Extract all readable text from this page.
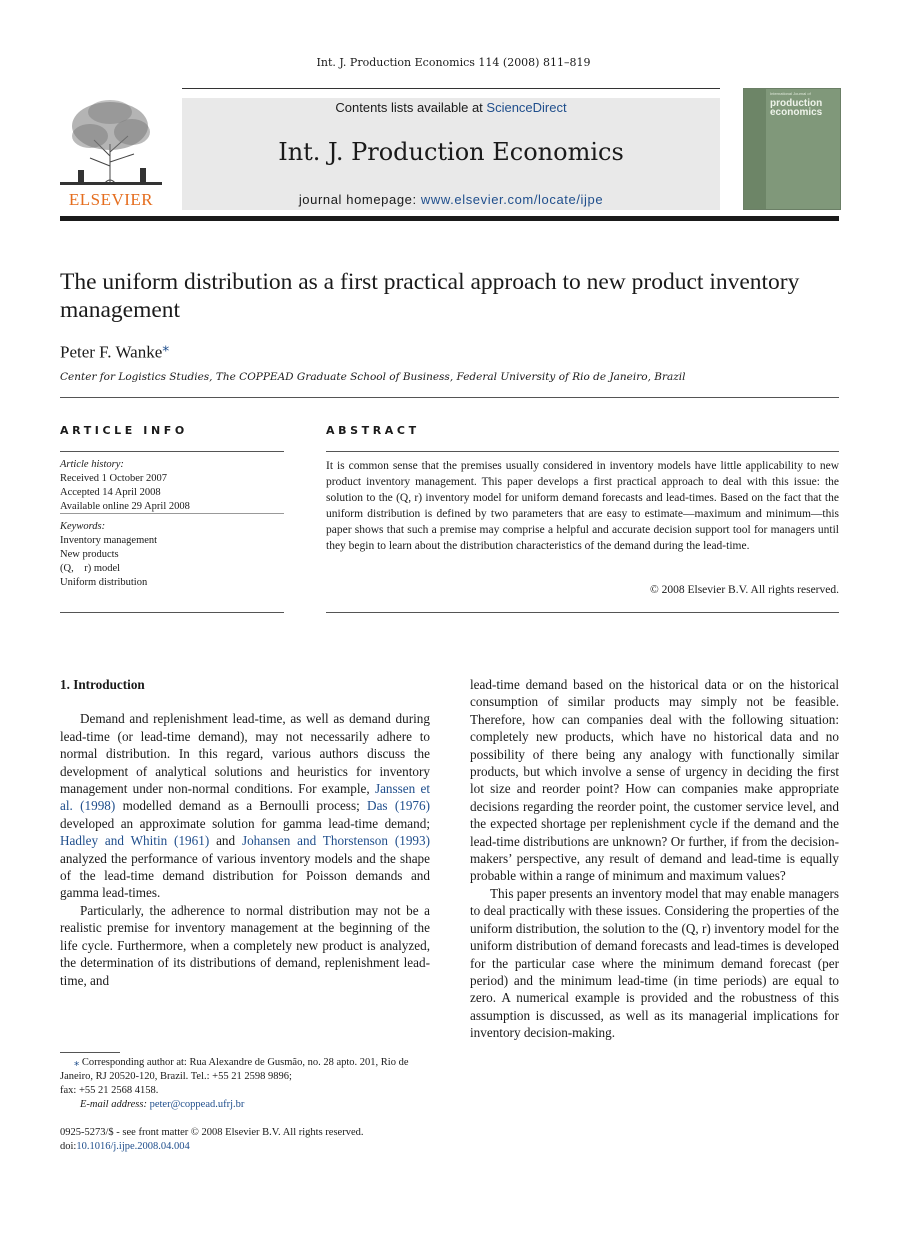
Int. J. Production Economics 114 (2008) 811–819
ELSEVIER
Contents lists available at ScienceDirect
Int. J. Production Economics
journal homepage: www.elsevier.com/locate/ijpe
International Journal of
production economics
The uniform distribution as a first practical approach to new product inventory management
Peter F. Wanke⁎
Center for Logistics Studies, The COPPEAD Graduate School of Business, Federal University of Rio de Janeiro, Brazil
ARTICLE INFO	ABSTRACT
Article history:
Received 1 October 2007
Accepted 14 April 2008
Available online 29 April 2008
Keywords:
Inventory management
New products
(Q,    r) model
Uniform distribution
It is common sense that the premises usually considered in inventory models have little applicability to new product inventory management. This paper develops a first practical approach to deal with this issue: the solution to the (Q, r) inventory model for uniform demand forecasts and lead-times. Based on the fact that the uniform distribution is defined by two parameters that are easy to estimate—maximum and minimum—this paper shows that such a premise may comprise a helpful and accurate decision support tool for managers until they begin to learn about the distribution characteristics of the demand during the lead-time.
© 2008 Elsevier B.V. All rights reserved.
1. Introduction

Demand and replenishment lead-time, as well as demand during lead-time (or lead-time demand), may not necessarily adhere to normal distribution. In this regard, various authors discuss the development of analytical solutions and heuristics for inventory management under non-normal conditions. For example, Janssen et al. (1998) modelled demand as a Bernoulli process; Das (1976) developed an approximate solution for gamma lead-time demand; Hadley and Whitin (1961) and Johansen and Thorstenson (1993) analyzed the performance of various inventory models and the shape of the lead-time demand distribution for Poisson demands and gamma lead-times.

Particularly, the adherence to normal distribution may not be a realistic premise for inventory management at the beginning of the life cycle. Furthermore, when a completely new product is analyzed, the determination of its distributions of demand, replenishment lead-time, and

lead-time demand based on the historical data or on the historical consumption of similar products may simply not be feasible. Therefore, how can companies deal with the following situation: completely new products, which have no historical data and no possibility of there being any analogy with functionally similar products, but which involve a sense of urgency in deciding the first lot size and reorder point? How can companies make appropriate decisions regarding the reorder point, the customer service level, and the expected shortage per replenishment cycle if the demand and the lead-time distributions are unknown? Or further, if from the decision-makers’ perspective, any result of demand and lead-time is equally probable within a range of minimum and maximum values?

This paper presents an inventory model that may enable managers to deal practically with these issues. Considering the properties of the uniform distribution, the solution to the (Q, r) inventory model for the uniform distribution of demand forecasts and lead-times is developed for the particular case where the minimum demand forecast (per period) and the minimum lead-time (in time periods) are equal to zero. A numerical example is provided and the robustness of this assumption is discussed, as well as its managerial implications for inventory decision-making.

⁎ Corresponding author at: Rua Alexandre de Gusmão, no. 28 apto. 201, Rio de Janeiro, RJ 20520-120, Brazil. Tel.: +55 21 2598 9896;
fax: +55 21 2568 4158.
E-mail address: peter@coppead.ufrj.br
0925-5273/$ - see front matter © 2008 Elsevier B.V. All rights reserved.
doi:10.1016/j.ijpe.2008.04.004
